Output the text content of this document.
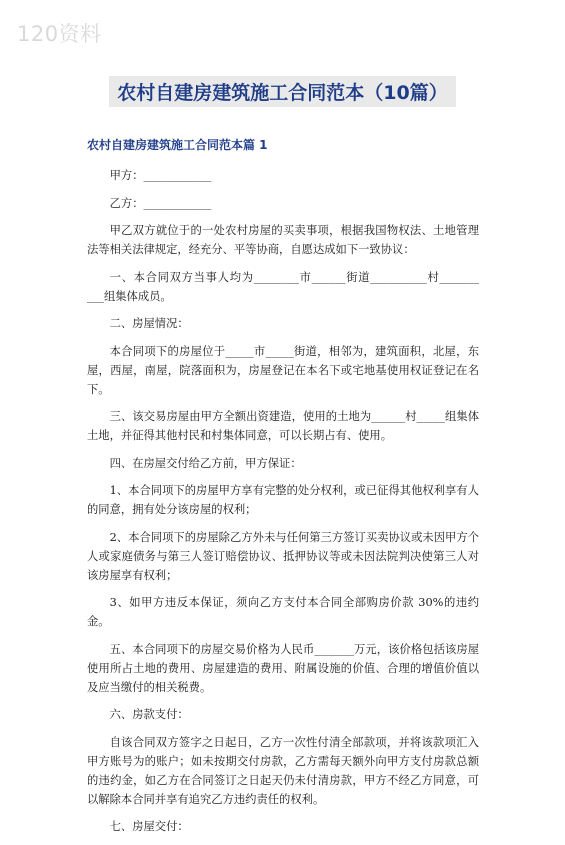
120资料
农村自建房建筑施工合同范本（10篇）
农村自建房建筑施工合同范本篇 1

甲方：____________

乙方：____________

甲乙双方就位于的一处农村房屋的买卖事项，根据我国物权法、土地管理法等相关法律规定，经充分、平等协商，自愿达成如下一致协议：

一、本合同双方当事人均为________市______街道__________村_______ ___组集体成员。

二、房屋情况：

本合同项下的房屋位于_____市_____街道，相邻为，建筑面积，北屋，东屋，西屋，南屋，院落面积为，房屋登记在本名下或宅地基使用权证登记在名下。

三、该交易房屋由甲方全额出资建造，使用的土地为______村_____组集体土地，并征得其他村民和村集体同意，可以长期占有、使用。

四、在房屋交付给乙方前，甲方保证：

1、本合同项下的房屋甲方享有完整的处分权利，或已征得其他权利享有人的同意，拥有处分该房屋的权利；

2、本合同项下的房屋除乙方外未与任何第三方签订买卖协议或未因甲方个人或家庭债务与第三人签订赔偿协议、抵押协议等或未因法院判决使第三人对该房屋享有权利；

3、如甲方违反本保证，须向乙方支付本合同全部购房价款 30%的违约金。

五、本合同项下的房屋交易价格为人民币_______万元，该价格包括该房屋使用所占土地的费用、房屋建造的费用、附属设施的价值、合理的增值价值以及应当缴付的相关税费。

六、房款支付：

自该合同双方签字之日起日，乙方一次性付清全部款项，并将该款项汇入甲方账号为的账户；如未按期交付房款，乙方需每天额外向甲方支付房款总额的违约金，如乙方在合同签订之日起天仍未付清房款，甲方不经乙方同意，可以解除本合同并享有追究乙方违约责任的权利。

七、房屋交付：
